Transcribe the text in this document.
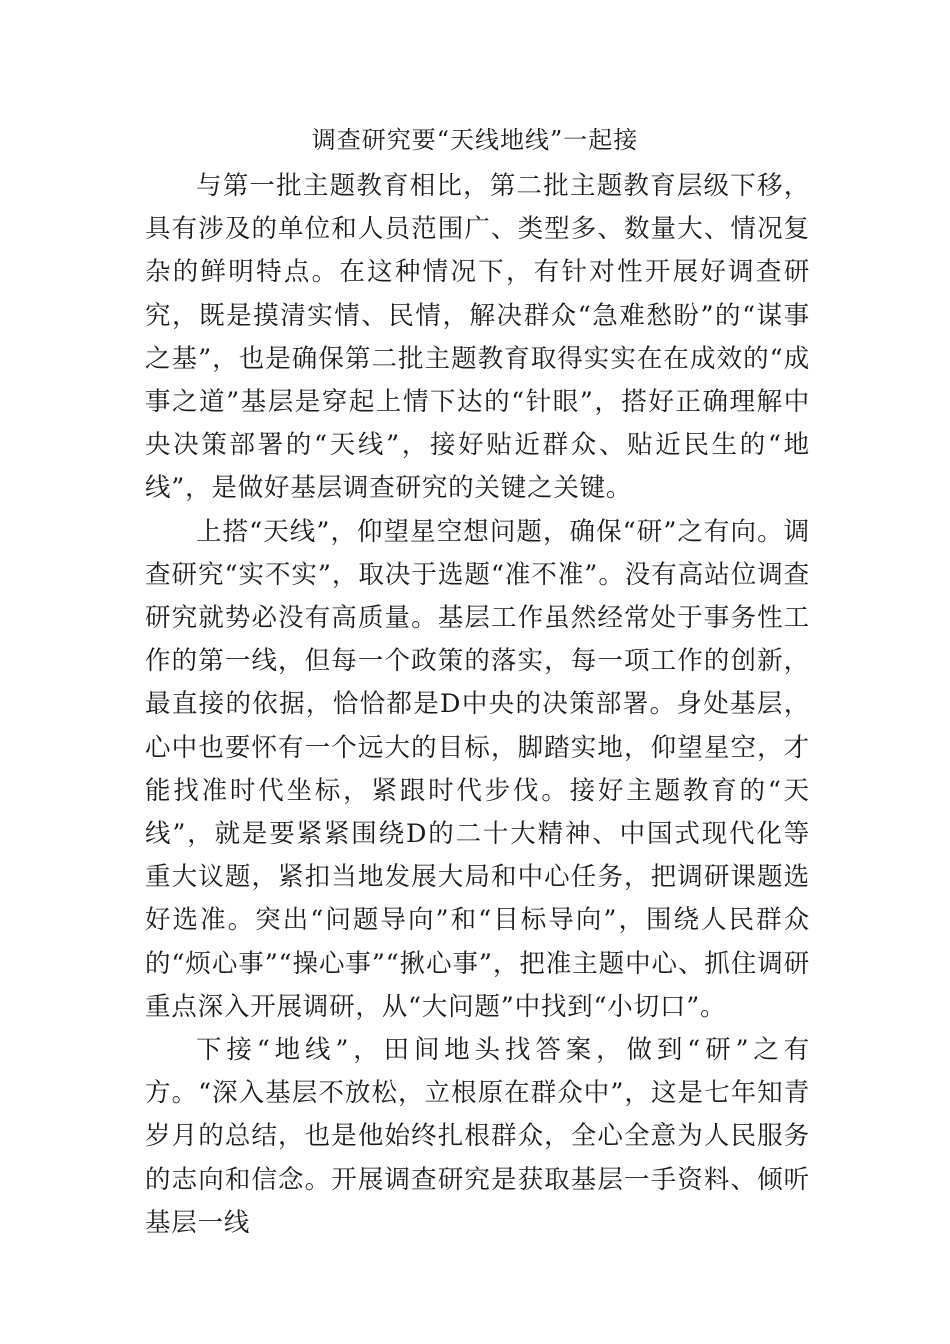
调查研究要“天线地线”一起接

与第一批主题教育相比，第二批主题教育层级下移，具有涉及的单位和人员范围广、类型多、数量大、情况复杂的鲜明特点。在这种情况下，有针对性开展好调查研究，既是摸清实情、民情，解决群众“急难愁盼”的“谋事之基”，也是确保第二批主题教育取得实实在在成效的“成事之道”基层是穿起上情下达的“针眼”，搭好正确理解中央决策部署的“天线”，接好贴近群众、贴近民生的“地线”，是做好基层调查研究的关键之关键。

上搭“天线”，仰望星空想问题，确保“研”之有向。调查研究“实不实”，取决于选题“准不准”。没有高站位调查研究就势必没有高质量。基层工作虽然经常处于事务性工作的第一线，但每一个政策的落实，每一项工作的创新，最直接的依据，恰恰都是D中央的决策部署。身处基层，心中也要怀有一个远大的目标，脚踏实地，仰望星空，才能找准时代坐标，紧跟时代步伐。接好主题教育的“天线”，就是要紧紧围绕D的二十大精神、中国式现代化等重大议题，紧扣当地发展大局和中心任务，把调研课题选好选准。突出“问题导向”和“目标导向”，围绕人民群众的“烦心事”“操心事”“揪心事”，把准主题中心、抓住调研重点深入开展调研，从“大问题”中找到“小切口”。

下接“地线”，田间地头找答案，做到“研”之有方。“深入基层不放松，立根原在群众中”，这是七年知青岁月的总结，也是他始终扎根群众，全心全意为人民服务的志向和信念。开展调查研究是获取基层一手资料、倾听基层一线
